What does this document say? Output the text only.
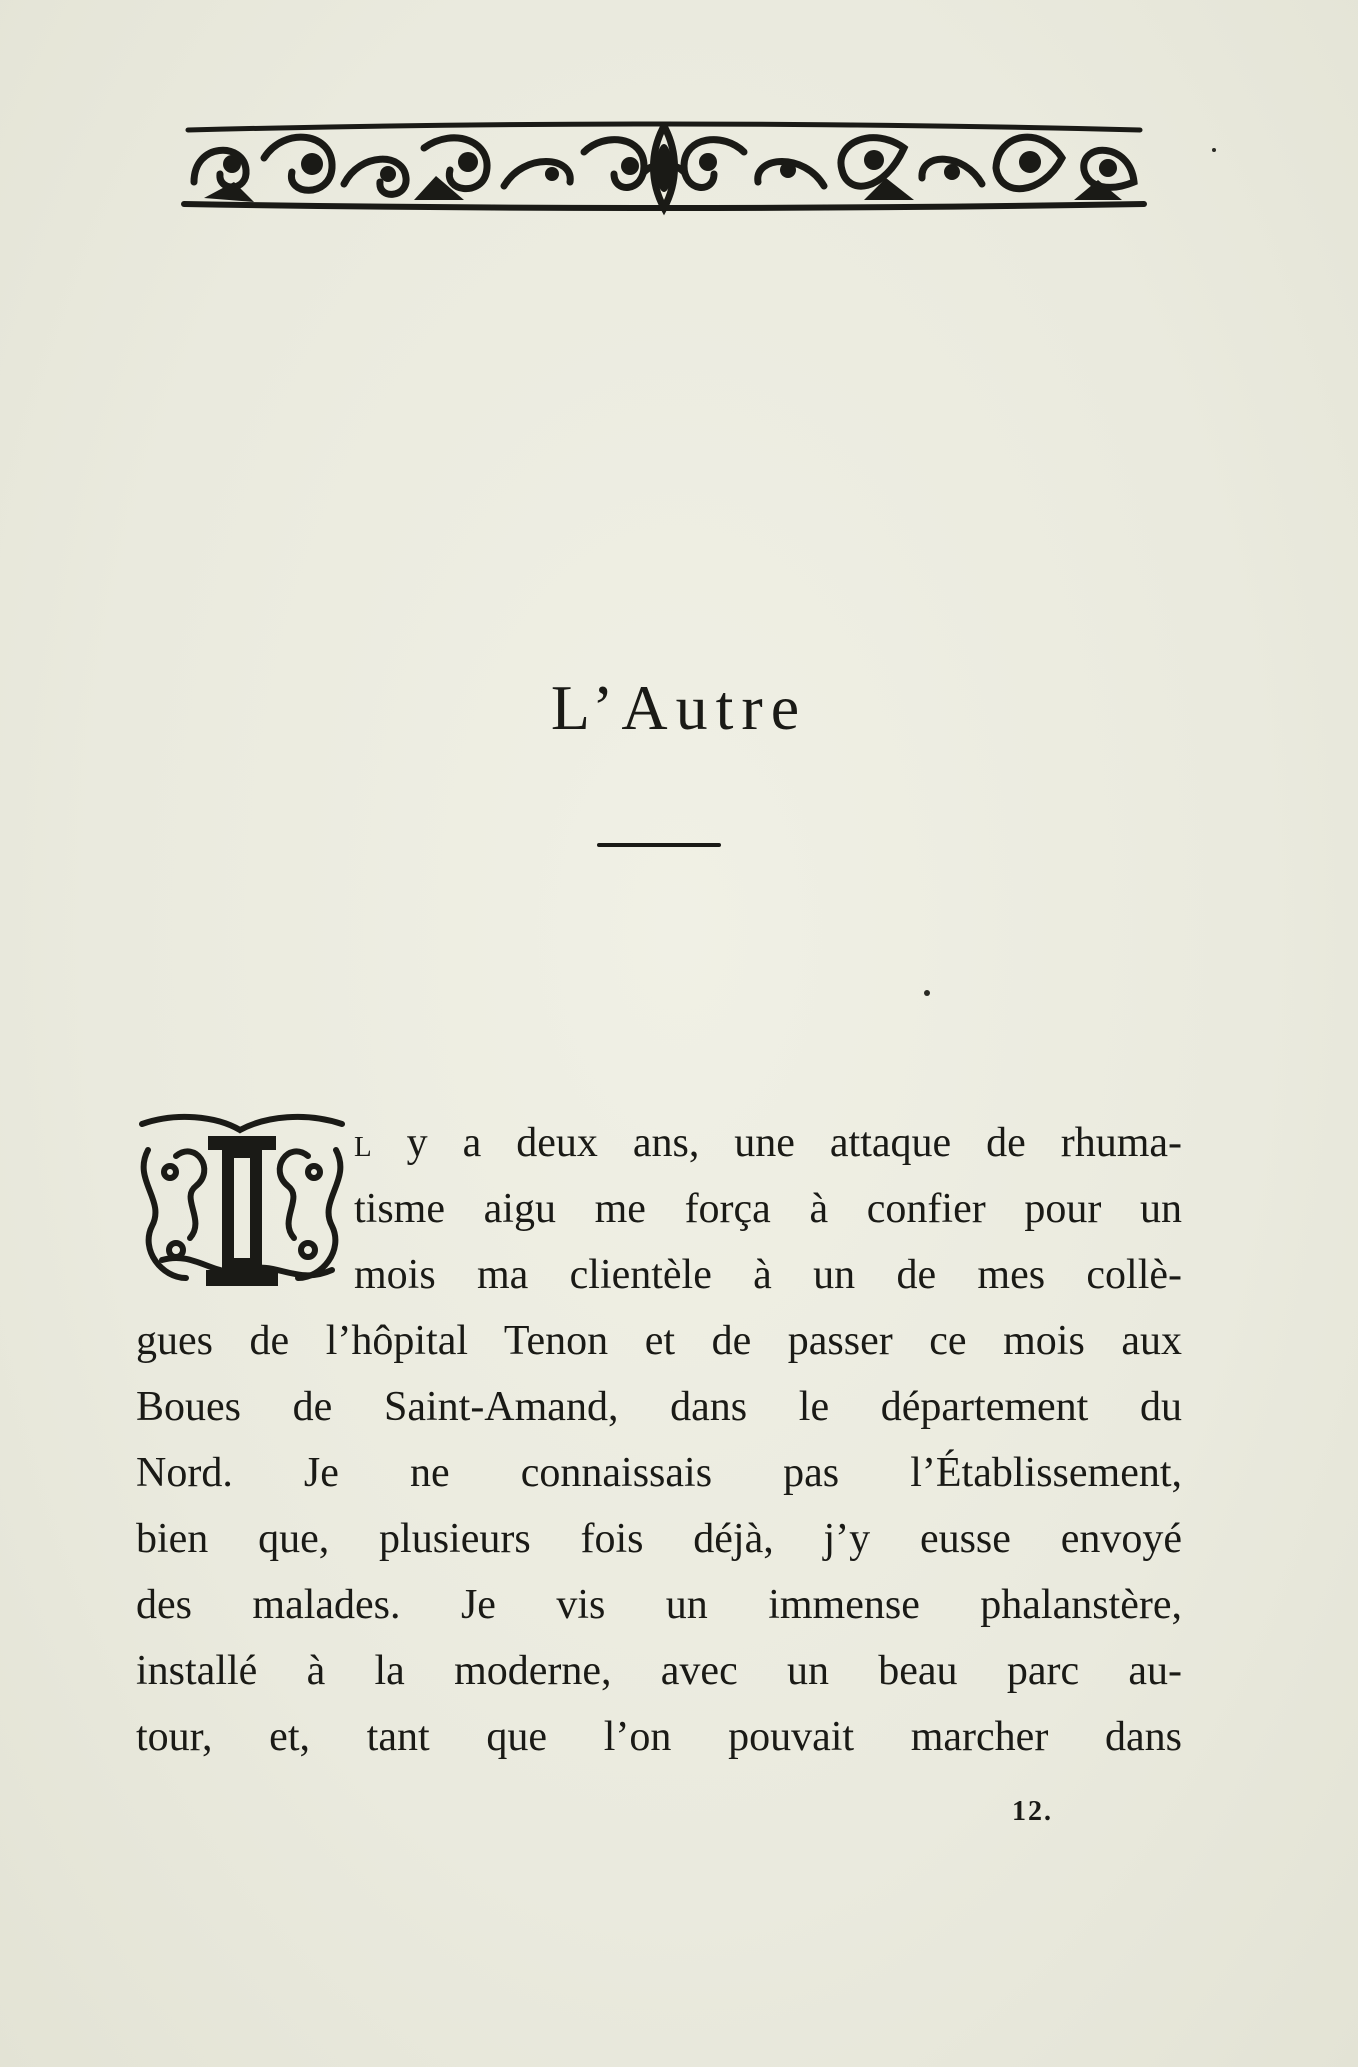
L’Autre
l y a deux ans, une attaque de rhuma-
tisme aigu me força à confier pour un
mois ma clientèle à un de mes collè-
gues de l’hôpital Tenon et de passer ce mois aux
Boues de Saint-Amand, dans le département du
Nord. Je ne connaissais pas l’Établissement,
bien que, plusieurs fois déjà, j’y eusse envoyé
des malades. Je vis un immense phalanstère,
installé à la moderne, avec un beau parc au-
tour, et, tant que l’on pouvait marcher dans
12.
